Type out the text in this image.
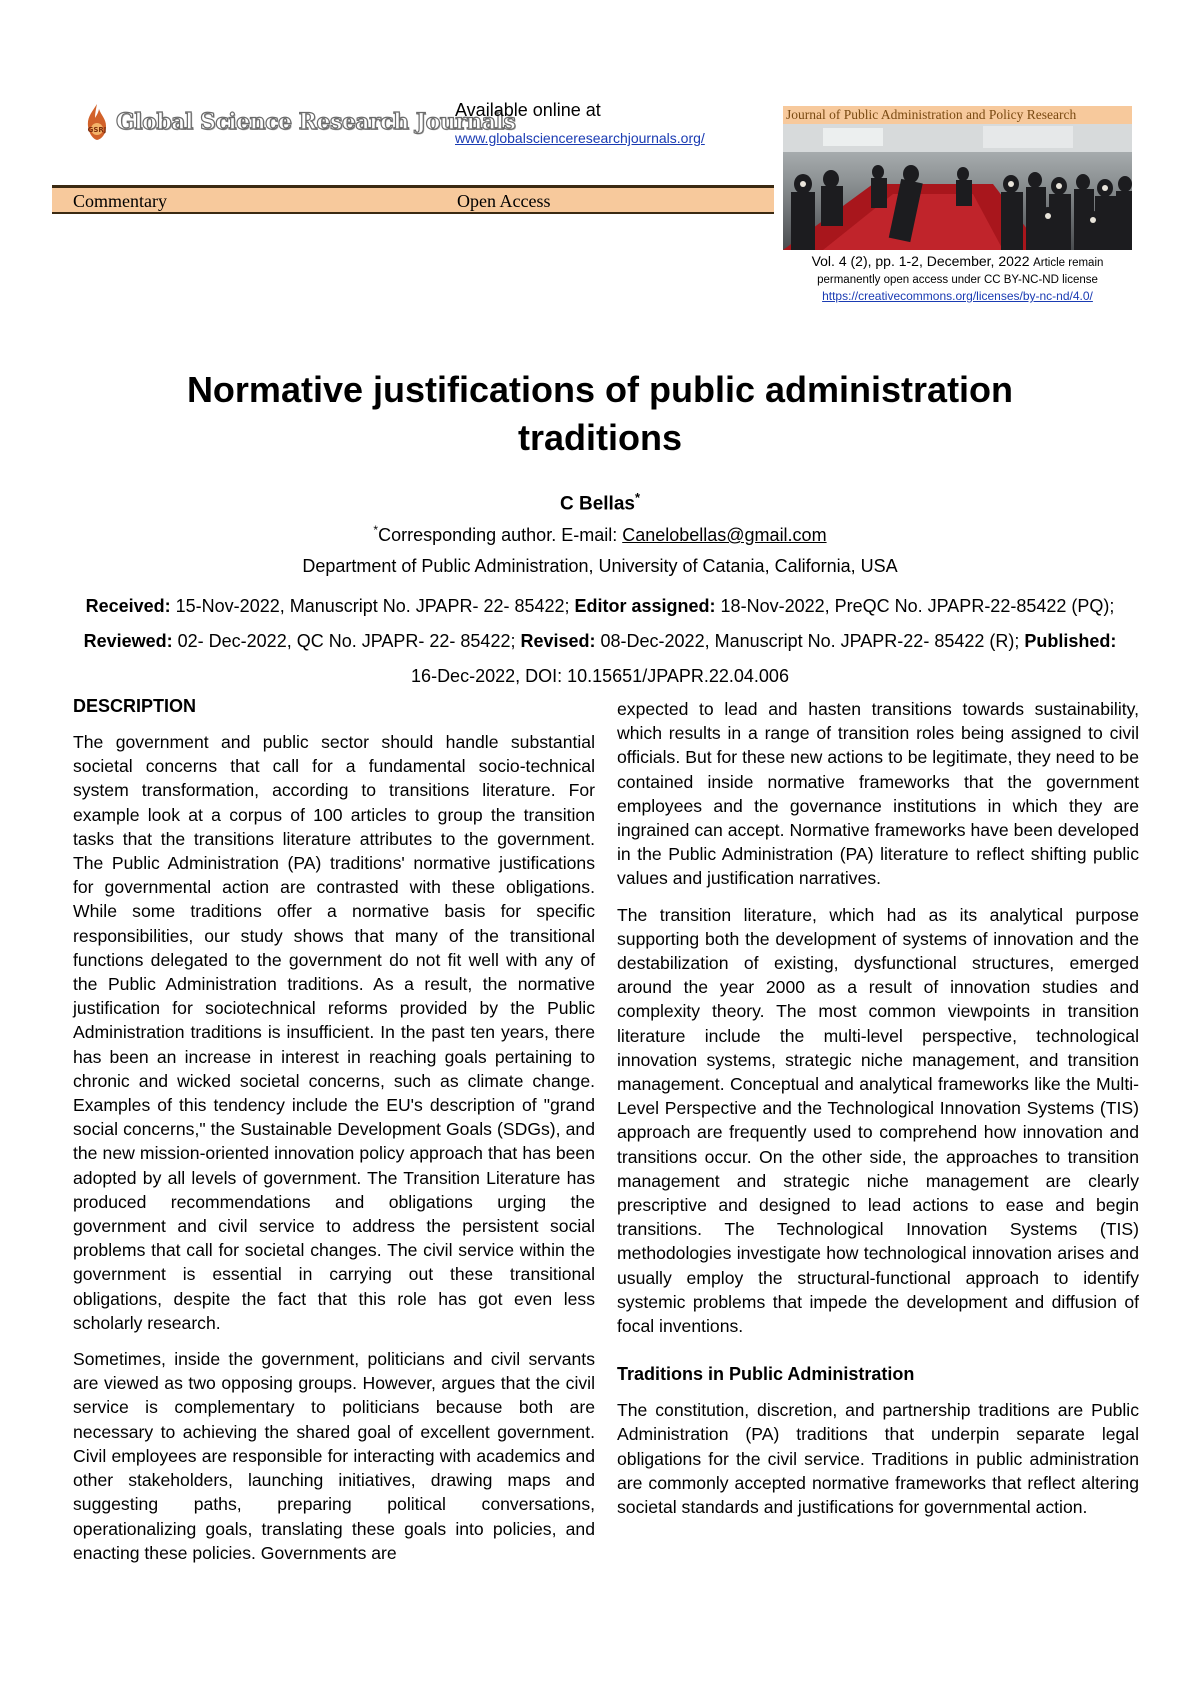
GSRJ Global Science Research Journals
Available online at
www.globalscienceresearchjournals.org/
Commentary	Open Access
Journal of Public Administration and Policy Research
Vol. 4 (2), pp. 1-2, December, 2022 Article remain permanently open access under CC BY-NC-ND license
https://creativecommons.org/licenses/by-nc-nd/4.0/
Normative justifications of public administration traditions
C Bellas*
*Corresponding author. E-mail: Canelobellas@gmail.com
Department of Public Administration, University of Catania, California, USA
Received: 15-Nov-2022, Manuscript No. JPAPR- 22- 85422; Editor assigned: 18-Nov-2022, PreQC No. JPAPR-22-85422 (PQ); Reviewed: 02- Dec-2022, QC No. JPAPR- 22- 85422; Revised: 08-Dec-2022, Manuscript No. JPAPR-22- 85422 (R); Published: 16-Dec-2022, DOI: 10.15651/JPAPR.22.04.006
DESCRIPTION

The government and public sector should handle substantial societal concerns that call for a fundamental socio-technical system transformation, according to transitions literature. For example look at a corpus of 100 articles to group the transition tasks that the transitions literature attributes to the government. The Public Administration (PA) traditions' normative justifications for governmental action are contrasted with these obligations. While some traditions offer a normative basis for specific responsibilities, our study shows that many of the transitional functions delegated to the government do not fit well with any of the Public Administration traditions. As a result, the normative justification for sociotechnical reforms provided by the Public Administration traditions is insufficient. In the past ten years, there has been an increase in interest in reaching goals pertaining to chronic and wicked societal concerns, such as climate change. Examples of this tendency include the EU's description of "grand social concerns," the Sustainable Development Goals (SDGs), and the new mission-oriented innovation policy approach that has been adopted by all levels of government. The Transition Literature has produced recommendations and obligations urging the government and civil service to address the persistent social problems that call for societal changes. The civil service within the government is essential in carrying out these transitional obligations, despite the fact that this role has got even less scholarly research.

Sometimes, inside the government, politicians and civil servants are viewed as two opposing groups. However, argues that the civil service is complementary to politicians because both are necessary to achieving the shared goal of excellent government. Civil employees are responsible for interacting with academics and other stakeholders, launching initiatives, drawing maps and suggesting paths, preparing political conversations, operationalizing goals, translating these goals into policies, and enacting these policies. Governments are

expected to lead and hasten transitions towards sustainability, which results in a range of transition roles being assigned to civil officials. But for these new actions to be legitimate, they need to be contained inside normative frameworks that the government employees and the governance institutions in which they are ingrained can accept. Normative frameworks have been developed in the Public Administration (PA) literature to reflect shifting public values and justification narratives.

The transition literature, which had as its analytical purpose supporting both the development of systems of innovation and the destabilization of existing, dysfunctional structures, emerged around the year 2000 as a result of innovation studies and complexity theory. The most common viewpoints in transition literature include the multi-level perspective, technological innovation systems, strategic niche management, and transition management. Conceptual and analytical frameworks like the Multi-Level Perspective and the Technological Innovation Systems (TIS) approach are frequently used to comprehend how innovation and transitions occur. On the other side, the approaches to transition management and strategic niche management are clearly prescriptive and designed to lead actions to ease and begin transitions. The Technological Innovation Systems (TIS) methodologies investigate how technological innovation arises and usually employ the structural-functional approach to identify systemic problems that impede the development and diffusion of focal inventions.

Traditions in Public Administration

The constitution, discretion, and partnership traditions are Public Administration (PA) traditions that underpin separate legal obligations for the civil service. Traditions in public administration are commonly accepted normative frameworks that reflect altering societal standards and justifications for governmental action.
